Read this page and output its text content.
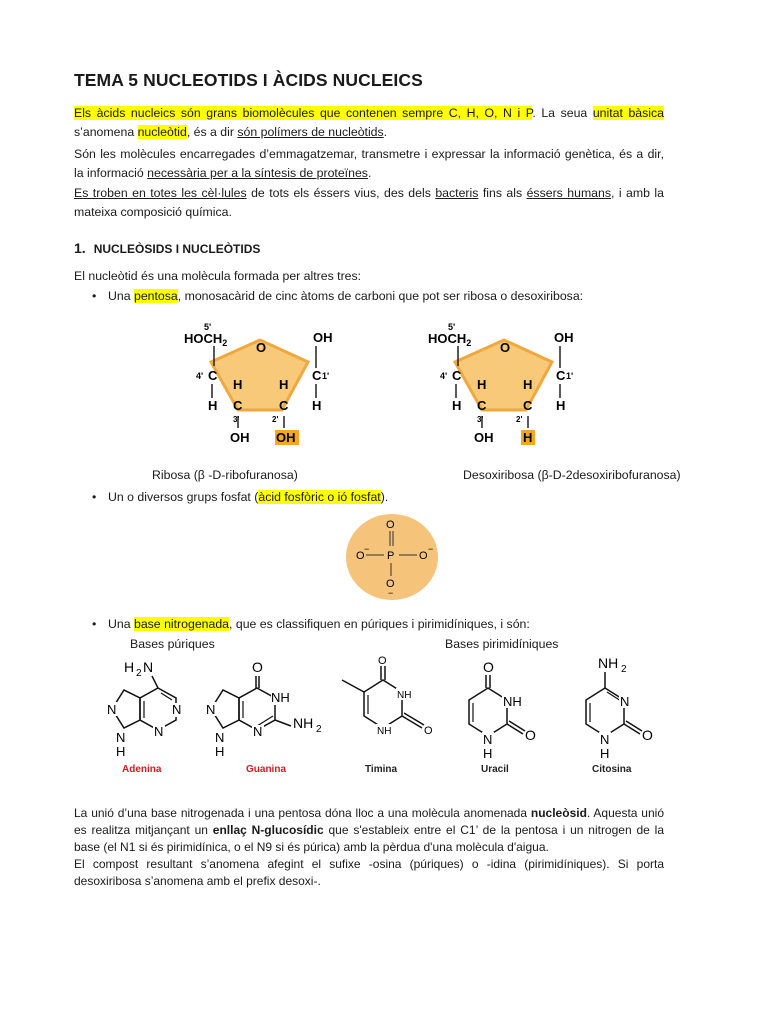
TEMA 5 NUCLEOTIDS I ÀCIDS NUCLEICS

Els àcids nucleics són grans biomolècules que contenen sempre C, H, O, N i P. La seua unitat bàsica s’anomena nucleòtid, és a dir són polímers de nucleòtids.

Són les molècules encarregades d’emmagatzemar, transmetre i expressar la informació genètica, és a dir, la informació necessària per a la síntesis de proteïnes.

Es troben en totes les cèl·lules de tots els éssers vius, des dels bacteris fins als éssers humans, i amb la mateixa composició química.

1. NUCLEÒSIDS I NUCLEÒTIDS

El nucleòtid és una molècula formada per altres tres:

• Una pentosa, monosacàrid de cinc àtoms de carboni que pot ser ribosa o desoxiribosa:
5'
$HOCH_2$ O
OH
4' C	C 1'
H	H
H	H
C	C
3'	2'
OH OH
5'
$HOCH_2$ O
OH
4' C	C 1'
H	H
H	H
C	C
3'	2'
OH H
Ribosa (β -D-ribofuranosa)	Desoxiribosa (β-D-2desoxiribofuranosa)
• Un o diversos grups fosfat (àcid fosfòric o ió fosfat).
O
P
O
−
O
−
O
−
• Una base nitrogenada, que es classifiquen en púriques i pirimidíniques, i són:
Bases púriques	Bases pirimidíniques
H 2 N
N	N
N
N
H
Adenina
O
N
NH
N
NH 2
N
H
Guanina
O
NH
O
NH
Timina
O
NH
O
N
H
Uracil
NH 2
N
O
N
H
Citosina

La unió d’una base nitrogenada i una pentosa dóna lloc a una molècula anomenada nucleòsid. Aquesta unió es realitza mitjançant un enllaç N-glucosídic que s'estableix entre el C1’ de la pentosa i un nitrogen de la base (el N1 si és pirimidínica, o el N9 si és púrica) amb la pèrdua d'una molècula d'aigua.

El compost resultant s’anomena afegint el sufixe -osina (púriques) o -idina (pirimidíniques). Si porta desoxiribosa s’anomena amb el prefix desoxi-.
